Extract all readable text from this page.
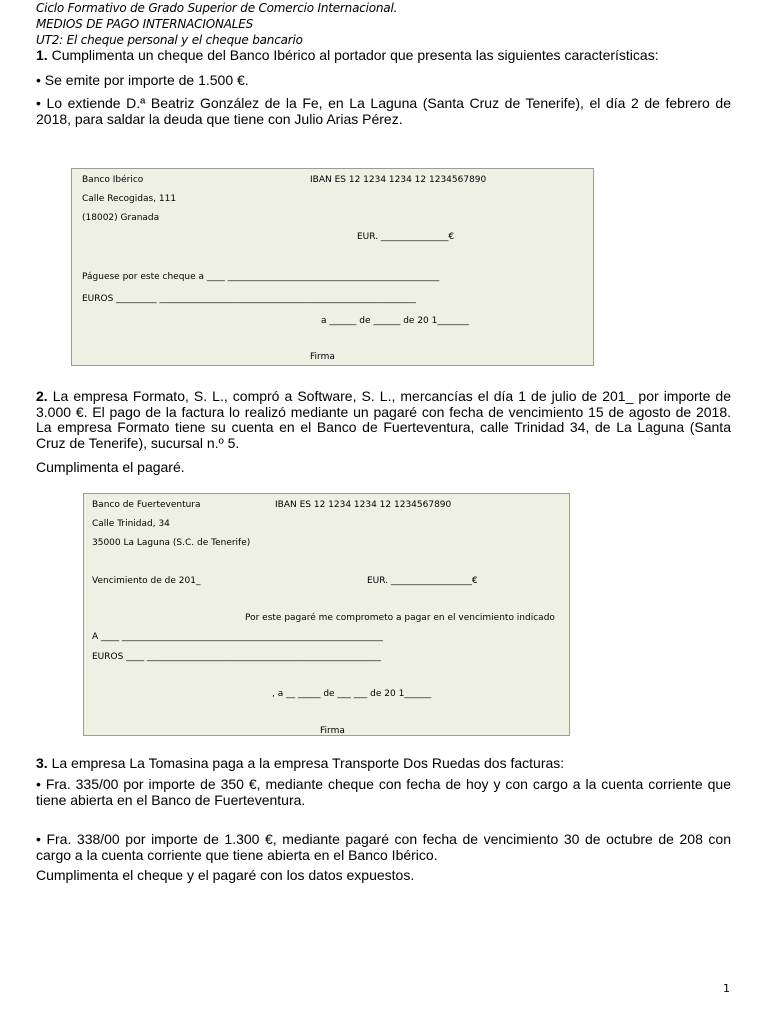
Ciclo Formativo de Grado Superior de Comercio Internacional.
MEDIOS DE PAGO INTERNACIONALES
UT2: El cheque personal y el cheque bancario
1. Cumplimenta un cheque del Banco Ibérico al portador que presenta las siguientes características:
• Se emite por importe de 1.500 €.
• Lo extiende D.ª Beatriz González de la Fe, en La Laguna (Santa Cruz de Tenerife), el día 2 de febrero de 2018, para saldar la deuda que tiene con Julio Arias Pérez.
Banco Ibérico	IBAN ES 12 1234 1234 12 1234567890
Calle Recogidas, 111
(18002) Granada
EUR. _______________€
Páguese por este cheque a ____ _______________________________________________
EUROS _________ _________________________________________________________
a ______ de ______ de 20 1_______
Firma
2. La empresa Formato, S. L., compró a Software, S. L., mercancías el día 1 de julio de 201_ por importe de 3.000 €. El pago de la factura lo realizó mediante un pagaré con fecha de vencimiento 15 de agosto de 2018. La empresa Formato tiene su cuenta en el Banco de Fuerteventura, calle Trinidad 34, de La Laguna (Santa Cruz de Tenerife), sucursal n.º 5.
Cumplimenta el pagaré.
Banco de Fuerteventura	IBAN ES 12 1234 1234 12 1234567890
Calle Trinidad, 34
35000 La Laguna (S.C. de Tenerife)
Vencimiento de de 201_	EUR. __________________€
Por este pagaré me comprometo a pagar en el vencimiento indicado
A ____ __________________________________________________________
EUROS ____ ____________________________________________________
, a __ _____ de ___ ___ de 20 1______
Firma
3. La empresa La Tomasina paga a la empresa Transporte Dos Ruedas dos facturas:
• Fra. 335/00 por importe de 350 €, mediante cheque con fecha de hoy y con cargo a la cuenta corriente que tiene abierta en el Banco de Fuerteventura.
• Fra. 338/00 por importe de 1.300 €, mediante pagaré con fecha de vencimiento 30 de octubre de 208 con cargo a la cuenta corriente que tiene abierta en el Banco Ibérico.
Cumplimenta el cheque y el pagaré con los datos expuestos.
1
